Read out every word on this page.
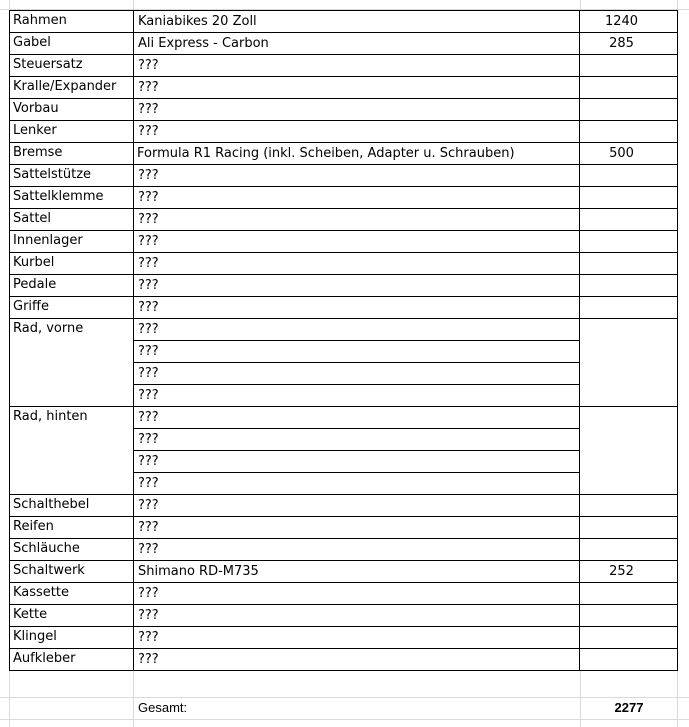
Rahmen	Kaniabikes 20 Zoll	1240
Gabel	Ali Express - Carbon	285
Steuersatz	???	
Kralle/Expander	???	
Vorbau	???	
Lenker	???	
Bremse	Formula R1 Racing (inkl. Scheiben, Adapter u. Schrauben)	500
Sattelstütze	???	
Sattelklemme	???	
Sattel	???	
Innenlager	???	
Kurbel	???	
Pedale	???	
Griffe	???	
Rad, vorne	???	
	???	
	???	
	???	
Rad, hinten	???	
	???	
	???	
	???	
Schalthebel	???	
Reifen	???	
Schläuche	???	
Schaltwerk	Shimano RD-M735	252
Kassette	???	
Kette	???	
Klingel	???	
Aufkleber	???	
Gesamt:	2277
